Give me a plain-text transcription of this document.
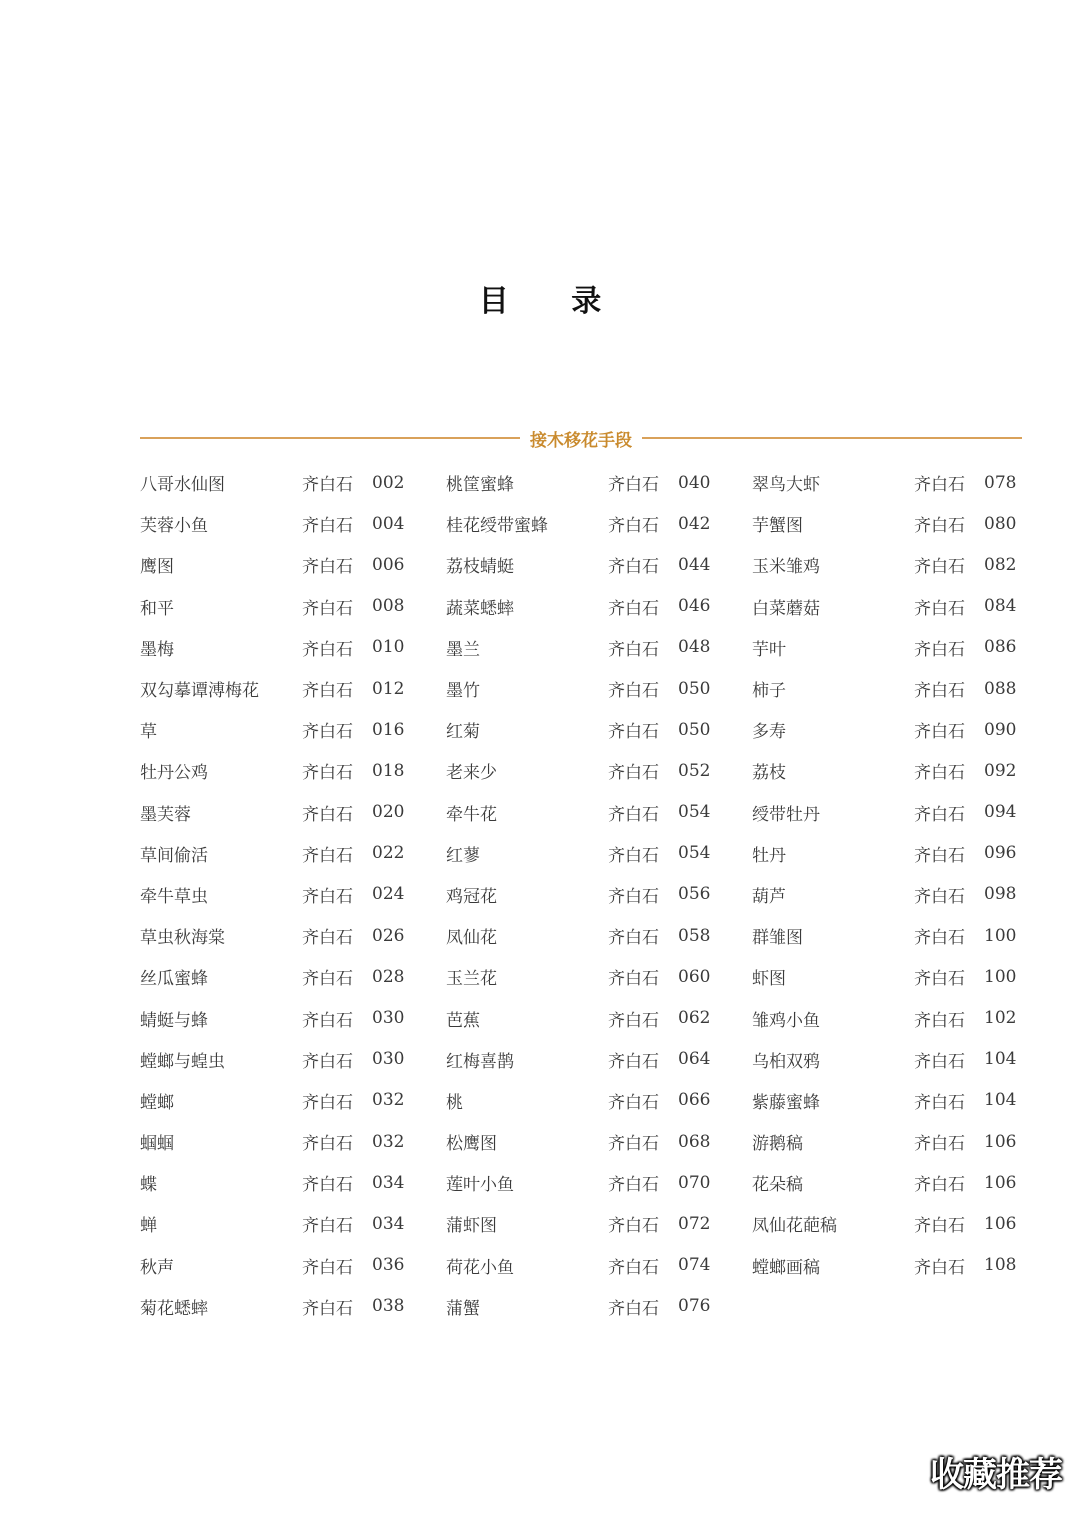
目 录
接木移花手段
八哥水仙图	齐白石	002
芙蓉小鱼	齐白石	004
鹰图	齐白石	006
和平	齐白石	008
墨梅	齐白石	010
双勾摹谭溥梅花	齐白石	012
草	齐白石	016
牡丹公鸡	齐白石	018
墨芙蓉	齐白石	020
草间偷活	齐白石	022
牵牛草虫	齐白石	024
草虫秋海棠	齐白石	026
丝瓜蜜蜂	齐白石	028
蜻蜓与蜂	齐白石	030
螳螂与蝗虫	齐白石	030
螳螂	齐白石	032
蝈蝈	齐白石	032
蝶	齐白石	034
蝉	齐白石	034
秋声	齐白石	036
菊花蟋蟀	齐白石	038
桃筐蜜蜂	齐白石	040
桂花绶带蜜蜂	齐白石	042
荔枝蜻蜓	齐白石	044
蔬菜蟋蟀	齐白石	046
墨兰	齐白石	048
墨竹	齐白石	050
红菊	齐白石	050
老来少	齐白石	052
牵牛花	齐白石	054
红蓼	齐白石	054
鸡冠花	齐白石	056
凤仙花	齐白石	058
玉兰花	齐白石	060
芭蕉	齐白石	062
红梅喜鹊	齐白石	064
桃	齐白石	066
松鹰图	齐白石	068
莲叶小鱼	齐白石	070
蒲虾图	齐白石	072
荷花小鱼	齐白石	074
蒲蟹	齐白石	076
翠鸟大虾	齐白石	078
芋蟹图	齐白石	080
玉米雏鸡	齐白石	082
白菜蘑菇	齐白石	084
芋叶	齐白石	086
柿子	齐白石	088
多寿	齐白石	090
荔枝	齐白石	092
绶带牡丹	齐白石	094
牡丹	齐白石	096
葫芦	齐白石	098
群雏图	齐白石	100
虾图	齐白石	100
雏鸡小鱼	齐白石	102
乌桕双鸦	齐白石	104
紫藤蜜蜂	齐白石	104
游鹅稿	齐白石	106
花朵稿	齐白石	106
凤仙花葩稿	齐白石	106
螳螂画稿	齐白石	108
收藏推荐
